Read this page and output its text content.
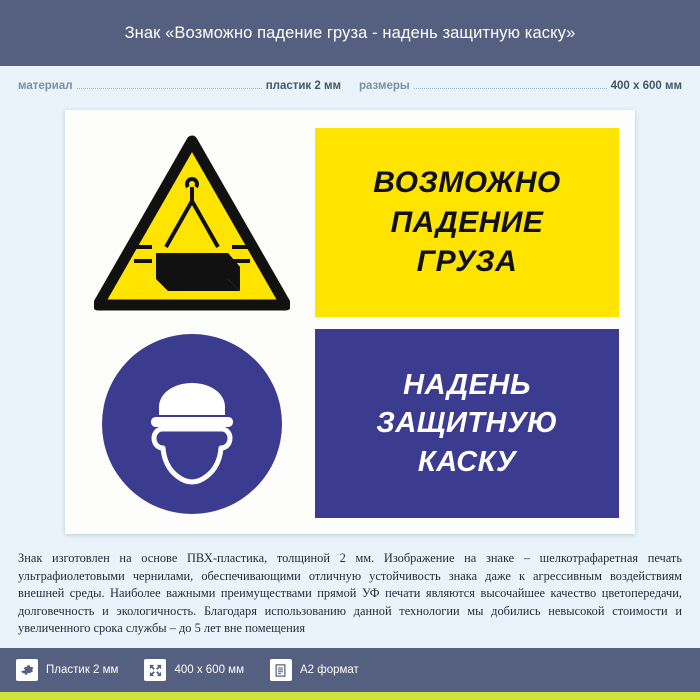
Знак «Возможно падение груза - надень защитную каску»
материал	пластик 2 мм размеры	400 x 600 мм
ВОЗМОЖНО
ПАДЕНИЕ
ГРУЗА
НАДЕНЬ
ЗАЩИТНУЮ
КАСКУ
Знак изготовлен на основе ПВХ-пластика, толщиной 2 мм. Изображение на знаке – шелкотрафаретная печать ультрафиолетовыми чернилами, обеспечивающими отличную устойчивость знака даже к агрессивным воздействиям внешней среды. Наиболее важными преимуществами прямой УФ печати являются высочайшее качество цветопередачи, долговечность и экологичность. Благодаря использованию данной технологии мы добились невысокой стоимости и увеличенного срока службы – до 5 лет вне помещения
Пластик 2 мм	400 x 600 мм	A2 формат
